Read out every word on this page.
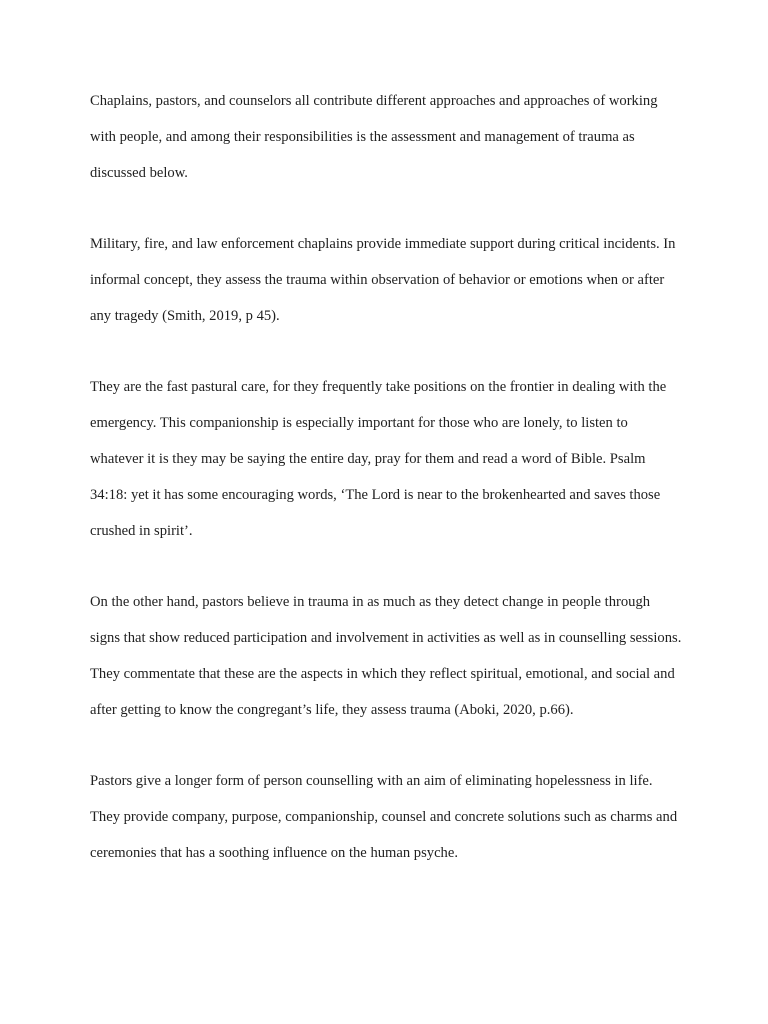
Chaplains, pastors, and counselors all contribute different approaches and approaches of working with people, and among their responsibilities is the assessment and management of trauma as discussed below.

Military, fire, and law enforcement chaplains provide immediate support during critical incidents. In informal concept, they assess the trauma within observation of behavior or emotions when or after any tragedy (Smith, 2019, p 45).

They are the fast pastural care, for they frequently take positions on the frontier in dealing with the emergency. This companionship is especially important for those who are lonely, to listen to whatever it is they may be saying the entire day, pray for them and read a word of Bible. Psalm 34:18: yet it has some encouraging words, ‘The Lord is near to the brokenhearted and saves those crushed in spirit’.

On the other hand, pastors believe in trauma in as much as they detect change in people through signs that show reduced participation and involvement in activities as well as in counselling sessions. They commentate that these are the aspects in which they reflect spiritual, emotional, and social and after getting to know the congregant’s life, they assess trauma (Aboki, 2020, p.66).

Pastors give a longer form of person counselling with an aim of eliminating hopelessness in life. They provide company, purpose, companionship, counsel and concrete solutions such as charms and ceremonies that has a soothing influence on the human psyche.
